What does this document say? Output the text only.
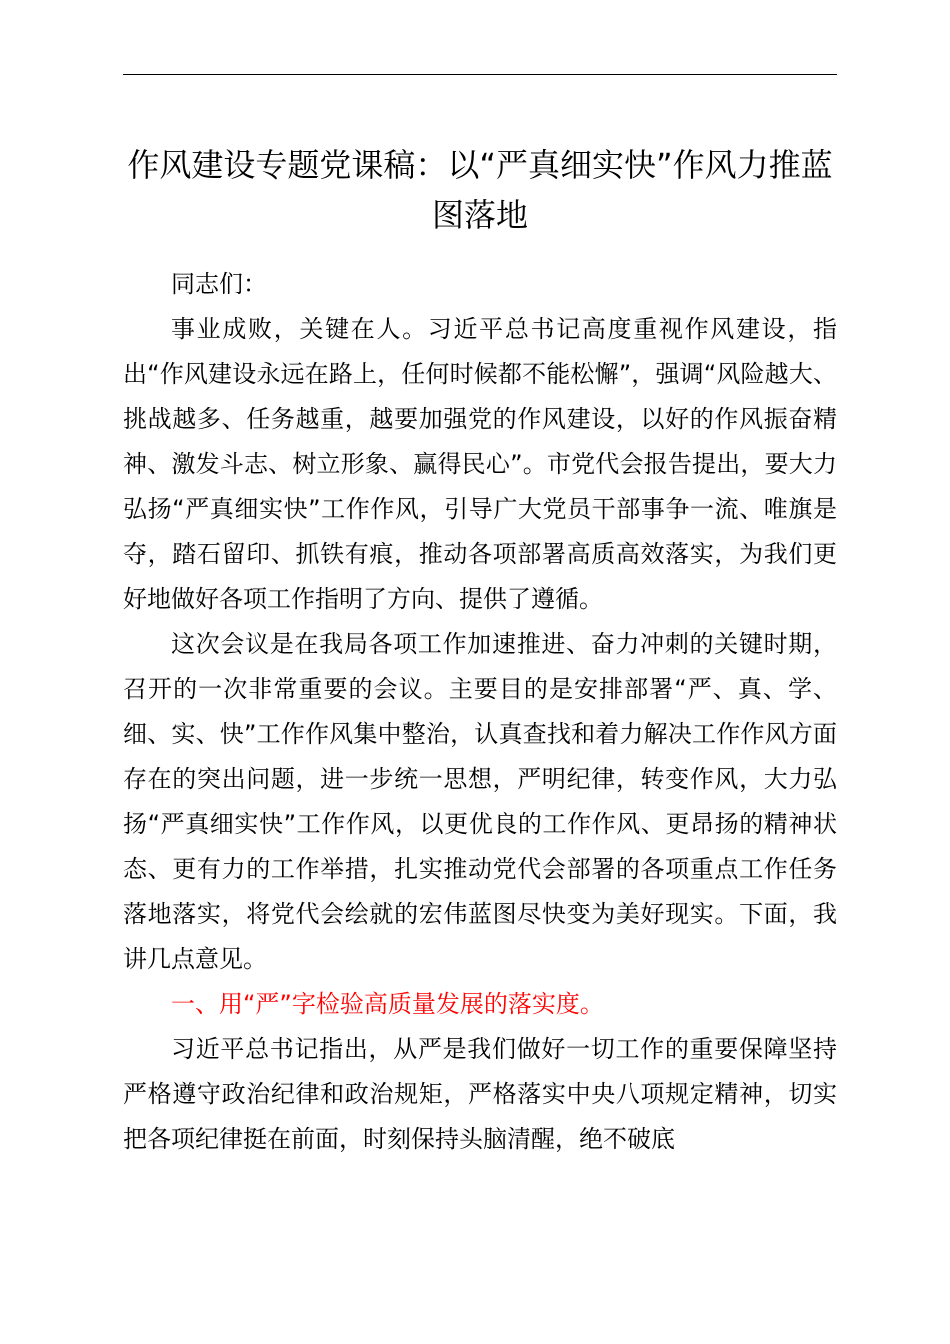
作风建设专题党课稿：以“严真细实快”作风力推蓝图落地

同志们：

事业成败，关键在人。习近平总书记高度重视作风建设，指出“作风建设永远在路上，任何时候都不能松懈”，强调“风险越大、挑战越多、任务越重，越要加强党的作风建设，以好的作风振奋精神、激发斗志、树立形象、赢得民心”。市党代会报告提出，要大力弘扬“严真细实快”工作作风，引导广大党员干部事争一流、唯旗是夺，踏石留印、抓铁有痕，推动各项部署高质高效落实，为我们更好地做好各项工作指明了方向、提供了遵循。

这次会议是在我局各项工作加速推进、奋力冲刺的关键时期，召开的一次非常重要的会议。主要目的是安排部署“严、真、学、细、实、快”工作作风集中整治，认真查找和着力解决工作作风方面存在的突出问题，进一步统一思想，严明纪律，转变作风，大力弘扬“严真细实快”工作作风，以更优良的工作作风、更昂扬的精神状态、更有力的工作举措，扎实推动党代会部署的各项重点工作任务落地落实，将党代会绘就的宏伟蓝图尽快变为美好现实。下面，我讲几点意见。

一、用“严”字检验高质量发展的落实度。

习近平总书记指出，从严是我们做好一切工作的重要保障坚持严格遵守政治纪律和政治规矩，严格落实中央八项规定精神，切实把各项纪律挺在前面，时刻保持头脑清醒，绝不破底
